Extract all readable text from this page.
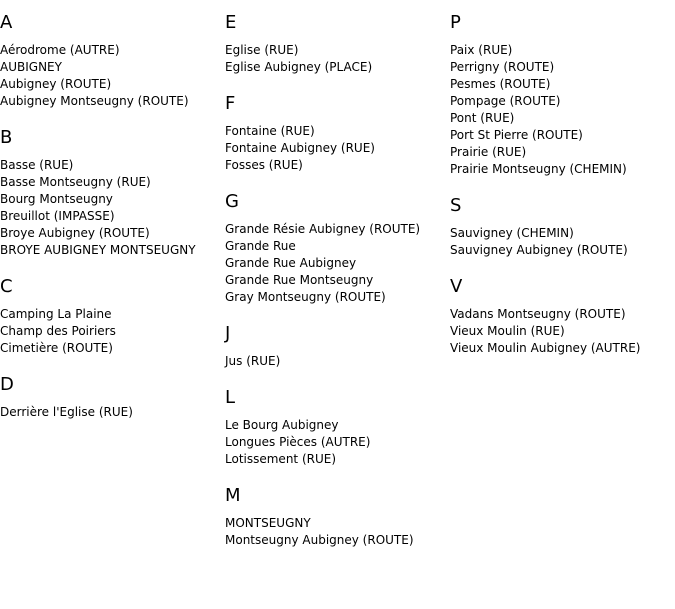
A
Aérodrome (AUTRE)
AUBIGNEY
Aubigney (ROUTE)
Aubigney Montseugny (ROUTE)
B
Basse (RUE)
Basse Montseugny (RUE)
Bourg Montseugny
Breuillot (IMPASSE)
Broye Aubigney (ROUTE)
BROYE AUBIGNEY MONTSEUGNY
C
Camping La Plaine
Champ des Poiriers
Cimetière (ROUTE)
D
Derrière l'Eglise (RUE)
E
Eglise (RUE)
Eglise Aubigney (PLACE)
F
Fontaine (RUE)
Fontaine Aubigney (RUE)
Fosses (RUE)
G
Grande Résie Aubigney (ROUTE)
Grande Rue
Grande Rue Aubigney
Grande Rue Montseugny
Gray Montseugny (ROUTE)
J
Jus (RUE)
L
Le Bourg Aubigney
Longues Pièces (AUTRE)
Lotissement (RUE)
M
MONTSEUGNY
Montseugny Aubigney (ROUTE)
P
Paix (RUE)
Perrigny (ROUTE)
Pesmes (ROUTE)
Pompage (ROUTE)
Pont (RUE)
Port St Pierre (ROUTE)
Prairie (RUE)
Prairie Montseugny (CHEMIN)
S
Sauvigney (CHEMIN)
Sauvigney Aubigney (ROUTE)
V
Vadans Montseugny (ROUTE)
Vieux Moulin (RUE)
Vieux Moulin Aubigney (AUTRE)
